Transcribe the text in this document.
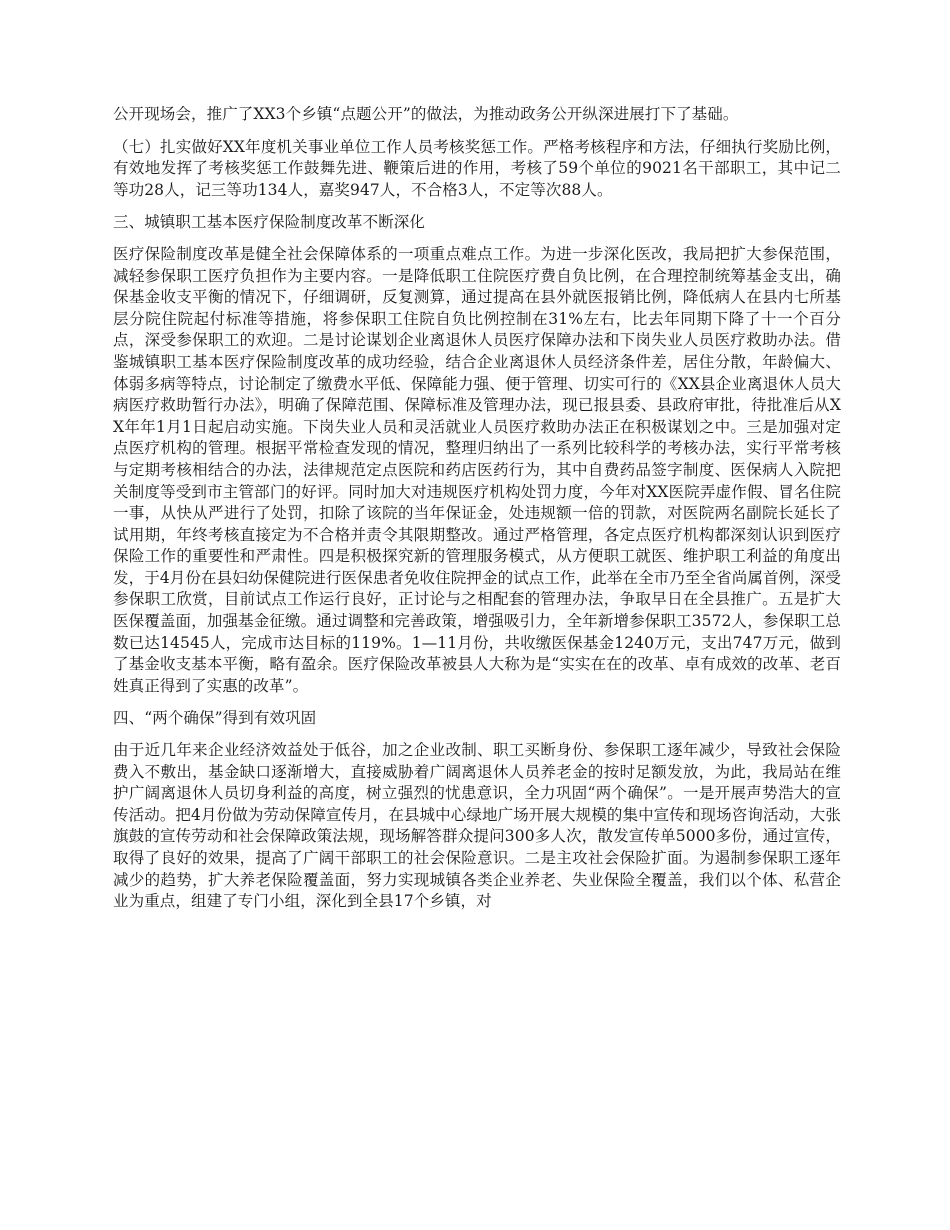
公开现场会，推广了XX3个乡镇“点题公开”的做法，为推动政务公开纵深进展打下了基础。

（七）扎实做好XX年度机关事业单位工作人员考核奖惩工作。严格考核程序和方法，仔细执行奖励比例，有效地发挥了考核奖惩工作鼓舞先进、鞭策后进的作用，考核了59个单位的9021名干部职工，其中记二等功28人，记三等功134人，嘉奖947人，不合格3人，不定等次88人。

三、城镇职工基本医疗保险制度改革不断深化

医疗保险制度改革是健全社会保障体系的一项重点难点工作。为进一步深化医改，我局把扩大参保范围，减轻参保职工医疗负担作为主要内容。一是降低职工住院医疗费自负比例，在合理控制统筹基金支出，确保基金收支平衡的情况下，仔细调研，反复测算，通过提高在县外就医报销比例，降低病人在县内七所基层分院住院起付标准等措施，将参保职工住院自负比例控制在31%左右，比去年同期下降了十一个百分点，深受参保职工的欢迎。二是讨论谋划企业离退休人员医疗保障办法和下岗失业人员医疗救助办法。借鉴城镇职工基本医疗保险制度改革的成功经验，结合企业离退休人员经济条件差，居住分散，年龄偏大、体弱多病等特点，讨论制定了缴费水平低、保障能力强、便于管理、切实可行的《XX县企业离退休人员大病医疗救助暂行办法》，明确了保障范围、保障标准及管理办法，现已报县委、县政府审批，待批准后从XX年年1月1日起启动实施。下岗失业人员和灵活就业人员医疗救助办法正在积极谋划之中。三是加强对定点医疗机构的管理。根据平常检查发现的情况，整理归纳出了一系列比较科学的考核办法，实行平常考核与定期考核相结合的办法，法律规范定点医院和药店医药行为，其中自费药品签字制度、医保病人入院把关制度等受到市主管部门的好评。同时加大对违规医疗机构处罚力度，今年对XX医院弄虚作假、冒名住院一事，从快从严进行了处罚，扣除了该院的当年保证金，处违规额一倍的罚款，对医院两名副院长延长了试用期，年终考核直接定为不合格并责令其限期整改。通过严格管理，各定点医疗机构都深刻认识到医疗保险工作的重要性和严肃性。四是积极探究新的管理服务模式，从方便职工就医、维护职工利益的角度出发，于4月份在县妇幼保健院进行医保患者免收住院押金的试点工作，此举在全市乃至全省尚属首例，深受参保职工欣赏，目前试点工作运行良好，正讨论与之相配套的管理办法，争取早日在全县推广。五是扩大医保覆盖面，加强基金征缴。通过调整和完善政策，增强吸引力，全年新增参保职工3572人，参保职工总数已达14545人，完成市达目标的119%。1—11月份，共收缴医保基金1240万元，支出747万元，做到了基金收支基本平衡，略有盈余。医疗保险改革被县人大称为是“实实在在的改革、卓有成效的改革、老百姓真正得到了实惠的改革”。

四、“两个确保”得到有效巩固

由于近几年来企业经济效益处于低谷，加之企业改制、职工买断身份、参保职工逐年减少，导致社会保险费入不敷出，基金缺口逐渐增大，直接威胁着广阔离退休人员养老金的按时足额发放，为此，我局站在维护广阔离退休人员切身利益的高度，树立强烈的忧患意识，全力巩固“两个确保”。一是开展声势浩大的宣传活动。把4月份做为劳动保障宣传月，在县城中心绿地广场开展大规模的集中宣传和现场咨询活动，大张旗鼓的宣传劳动和社会保障政策法规，现场解答群众提问300多人次，散发宣传单5000多份，通过宣传，取得了良好的效果，提高了广阔干部职工的社会保险意识。二是主攻社会保险扩面。为遏制参保职工逐年减少的趋势，扩大养老保险覆盖面，努力实现城镇各类企业养老、失业保险全覆盖，我们以个体、私营企业为重点，组建了专门小组，深化到全县17个乡镇，对
